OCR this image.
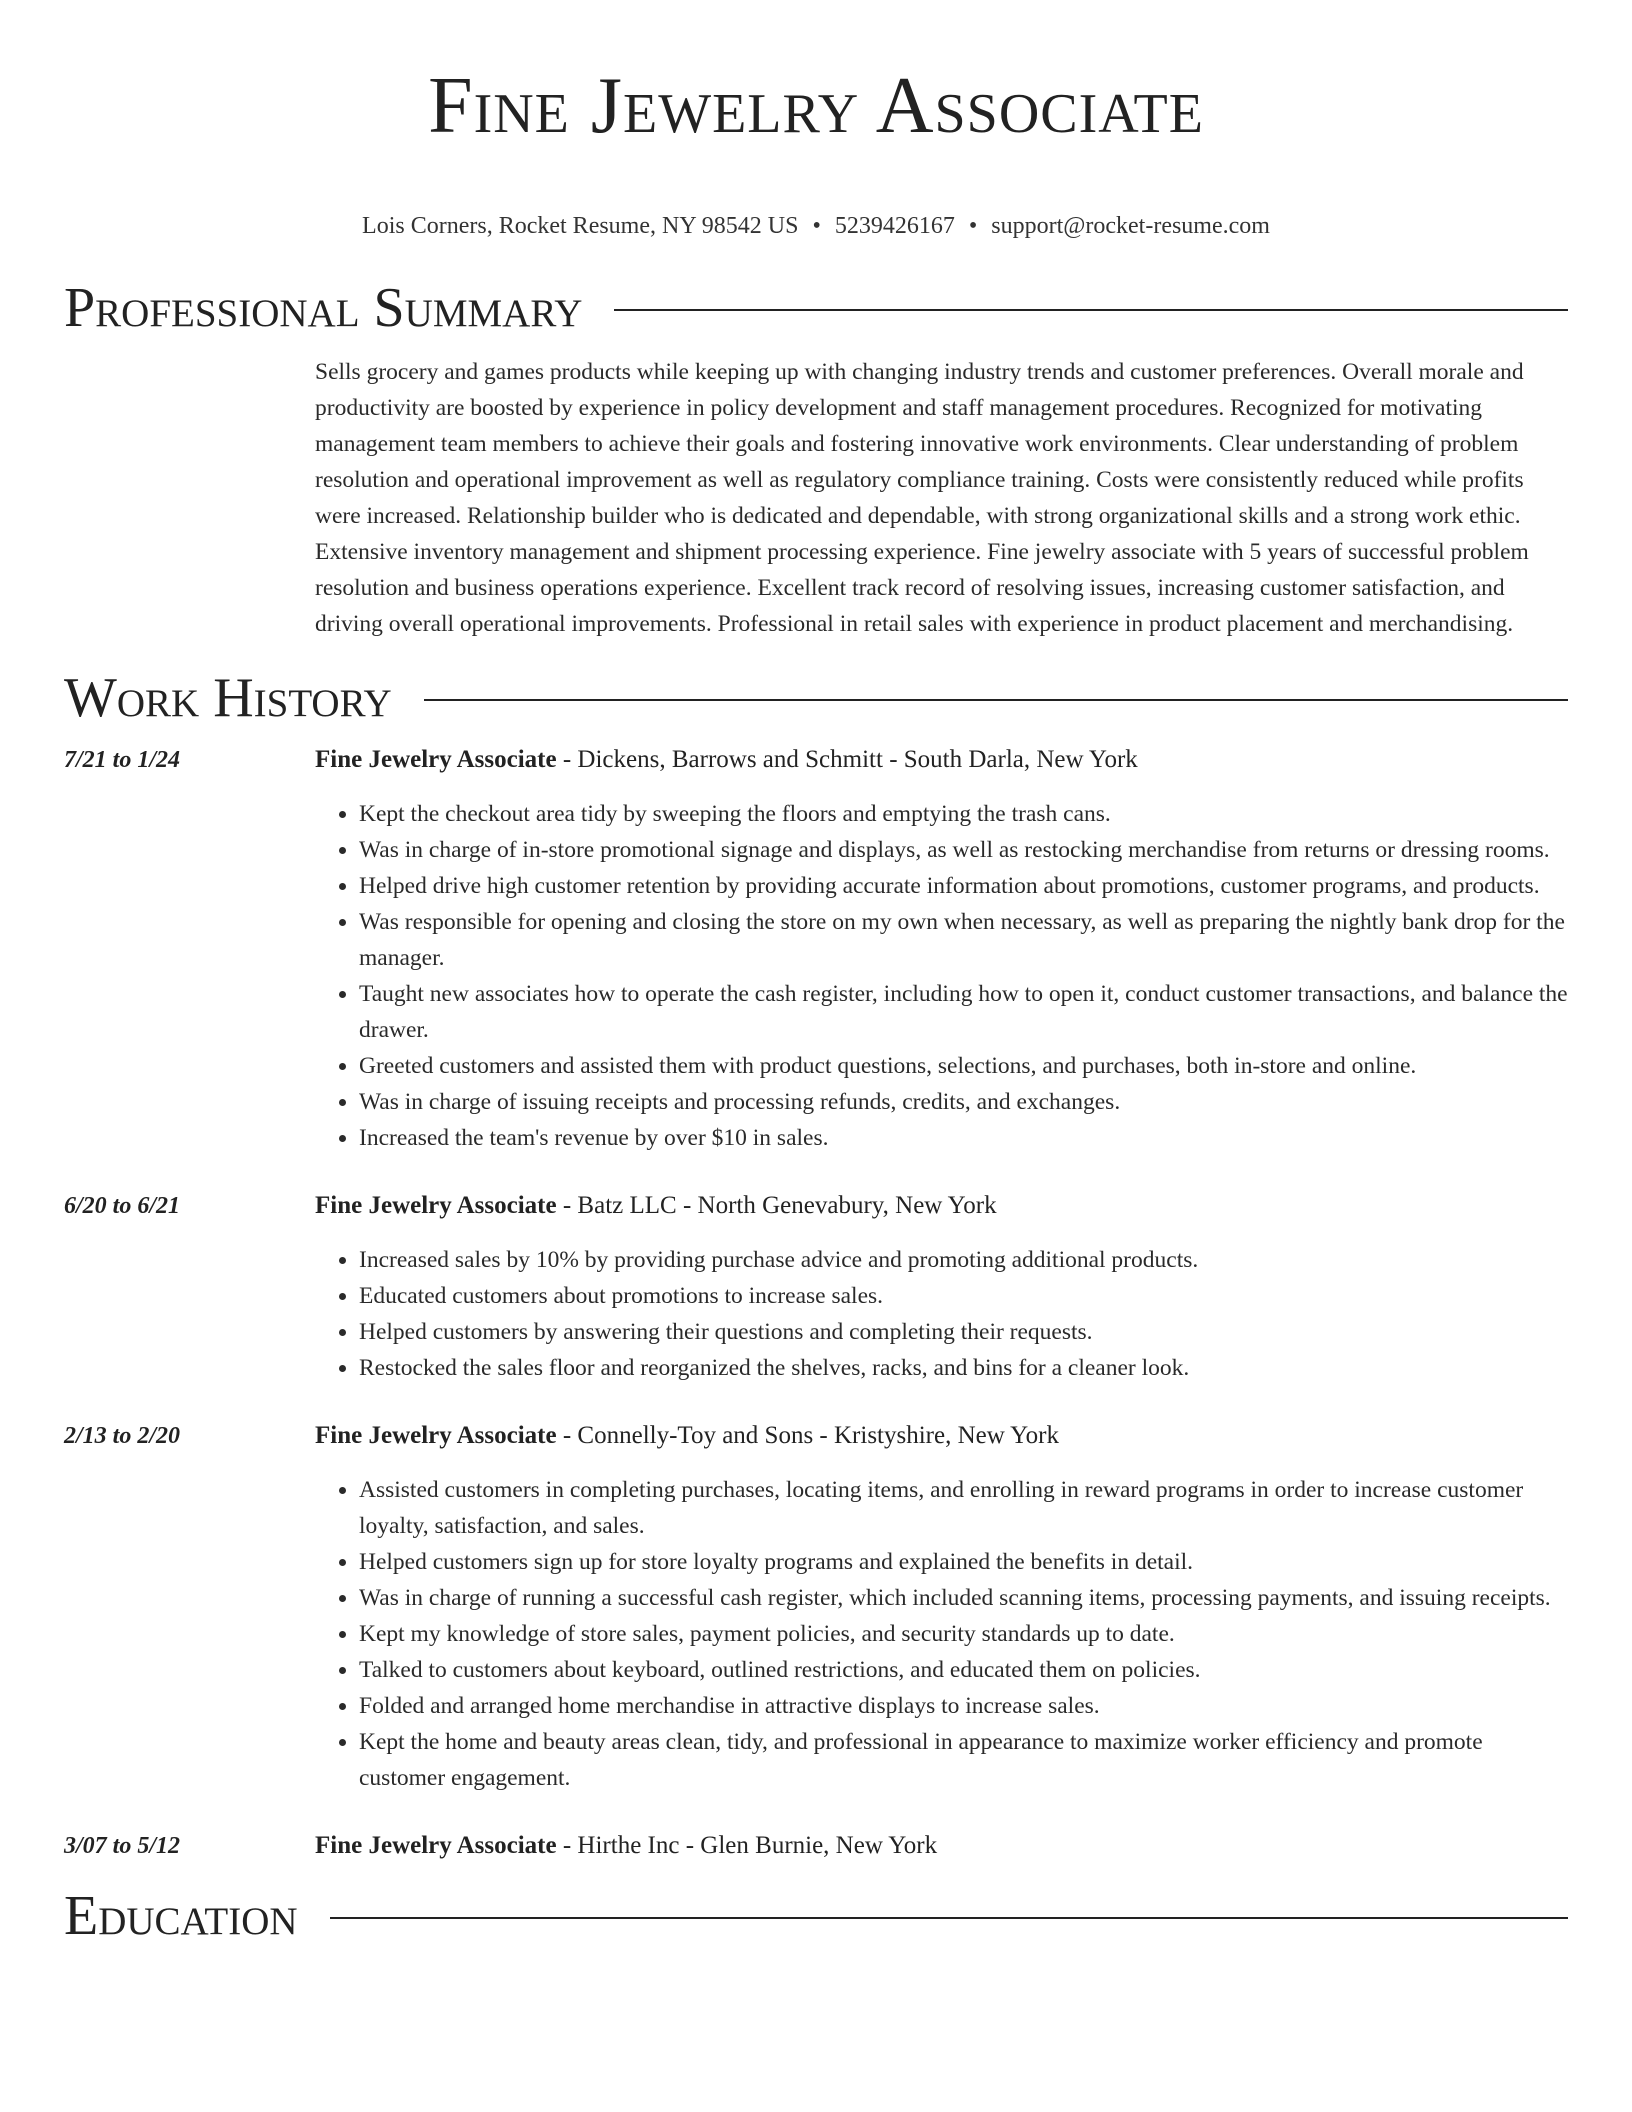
Fine Jewelry Associate
Lois Corners, Rocket Resume, NY 98542 US • 5239426167 • support@rocket-resume.com
Professional Summary

Sells grocery and games products while keeping up with changing industry trends and customer preferences. Overall morale and productivity are boosted by experience in policy development and staff management procedures. Recognized for motivating management team members to achieve their goals and fostering innovative work environments. Clear understanding of problem resolution and operational improvement as well as regulatory compliance training. Costs were consistently reduced while profits were increased. Relationship builder who is dedicated and dependable, with strong organizational skills and a strong work ethic. Extensive inventory management and shipment processing experience. Fine jewelry associate with 5 years of successful problem resolution and business operations experience. Excellent track record of resolving issues, increasing customer satisfaction, and driving overall operational improvements. Professional in retail sales with experience in product placement and merchandising.

Work History
7/21 to 1/24	Fine Jewelry Associate - Dickens, Barrows and Schmitt - South Darla, New York
• Kept the checkout area tidy by sweeping the floors and emptying the trash cans.
• Was in charge of in-store promotional signage and displays, as well as restocking merchandise from returns or dressing rooms.
• Helped drive high customer retention by providing accurate information about promotions, customer programs, and products.
• Was responsible for opening and closing the store on my own when necessary, as well as preparing the nightly bank drop for the manager.
• Taught new associates how to operate the cash register, including how to open it, conduct customer transactions, and balance the drawer.
• Greeted customers and assisted them with product questions, selections, and purchases, both in-store and online.
• Was in charge of issuing receipts and processing refunds, credits, and exchanges.
• Increased the team's revenue by over $10 in sales.
6/20 to 6/21	Fine Jewelry Associate - Batz LLC - North Genevabury, New York
• Increased sales by 10% by providing purchase advice and promoting additional products.
• Educated customers about promotions to increase sales.
• Helped customers by answering their questions and completing their requests.
• Restocked the sales floor and reorganized the shelves, racks, and bins for a cleaner look.
2/13 to 2/20	Fine Jewelry Associate - Connelly-Toy and Sons - Kristyshire, New York
• Assisted customers in completing purchases, locating items, and enrolling in reward programs in order to increase customer loyalty, satisfaction, and sales.
• Helped customers sign up for store loyalty programs and explained the benefits in detail.
• Was in charge of running a successful cash register, which included scanning items, processing payments, and issuing receipts.
• Kept my knowledge of store sales, payment policies, and security standards up to date.
• Talked to customers about keyboard, outlined restrictions, and educated them on policies.
• Folded and arranged home merchandise in attractive displays to increase sales.
• Kept the home and beauty areas clean, tidy, and professional in appearance to maximize worker efficiency and promote customer engagement.
3/07 to 5/12	Fine Jewelry Associate - Hirthe Inc - Glen Burnie, New York
Education
